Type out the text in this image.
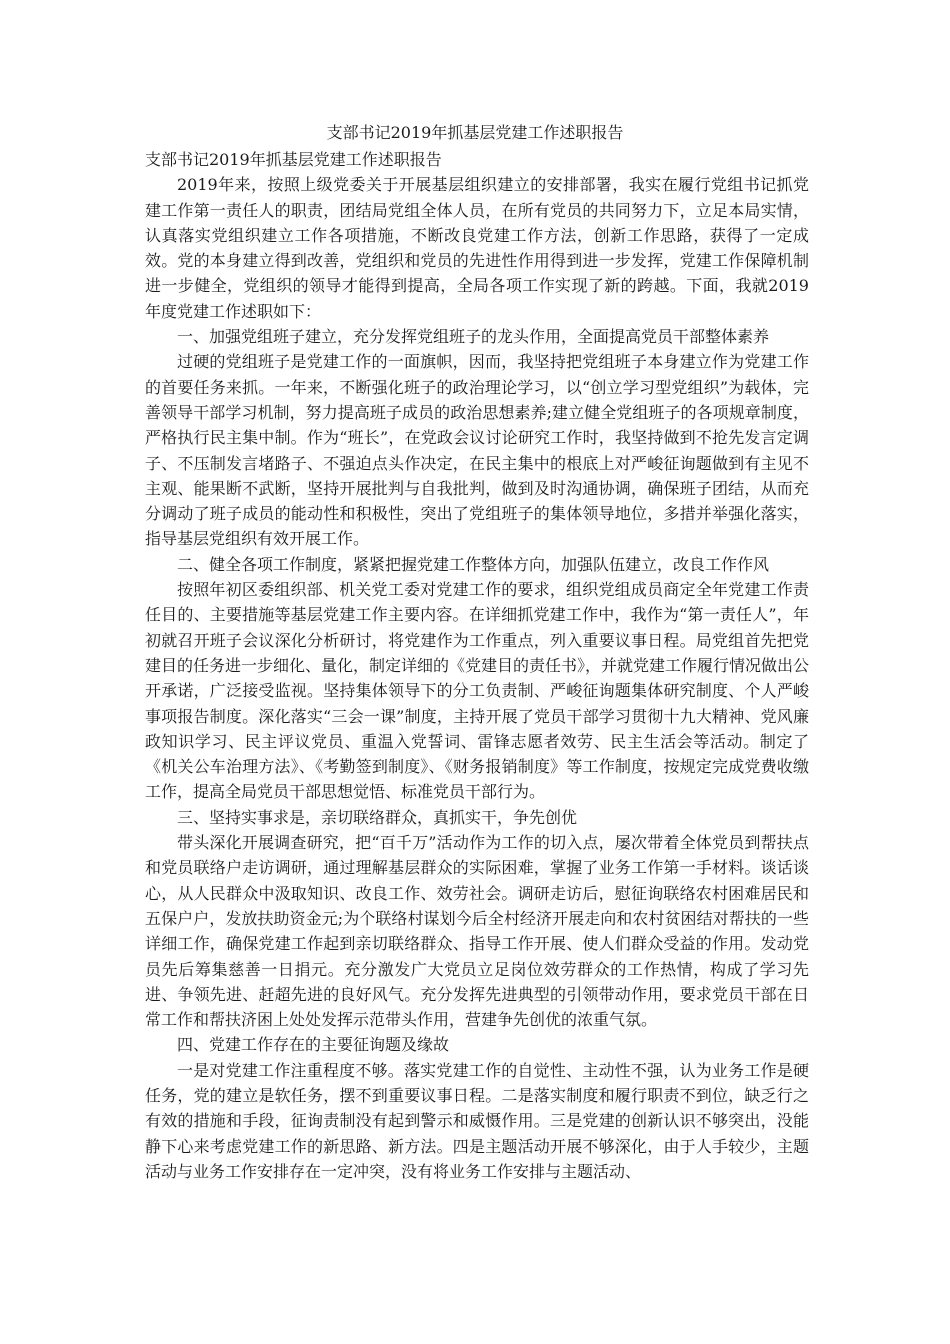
支部书记2019年抓基层党建工作述职报告

支部书记2019年抓基层党建工作述职报告

2019年来，按照上级党委关于开展基层组织建立的安排部署，我实在履行党组书记抓党建工作第一责任人的职责，团结局党组全体人员，在所有党员的共同努力下，立足本局实情，认真落实党组织建立工作各项措施，不断改良党建工作方法，创新工作思路，获得了一定成效。党的本身建立得到改善，党组织和党员的先进性作用得到进一步发挥，党建工作保障机制进一步健全，党组织的领导才能得到提高，全局各项工作实现了新的跨越。下面，我就2019年度党建工作述职如下：

一、加强党组班子建立，充分发挥党组班子的龙头作用，全面提高党员干部整体素养

过硬的党组班子是党建工作的一面旗帜，因而，我坚持把党组班子本身建立作为党建工作的首要任务来抓。一年来，不断强化班子的政治理论学习，以“创立学习型党组织”为载体，完善领导干部学习机制，努力提高班子成员的政治思想素养;建立健全党组班子的各项规章制度，严格执行民主集中制。作为“班长”，在党政会议讨论研究工作时，我坚持做到不抢先发言定调子、不压制发言堵路子、不强迫点头作决定，在民主集中的根底上对严峻征询题做到有主见不主观、能果断不武断，坚持开展批判与自我批判，做到及时沟通协调，确保班子团结，从而充分调动了班子成员的能动性和积极性，突出了党组班子的集体领导地位，多措并举强化落实，指导基层党组织有效开展工作。

二、健全各项工作制度，紧紧把握党建工作整体方向，加强队伍建立，改良工作作风

按照年初区委组织部、机关党工委对党建工作的要求，组织党组成员商定全年党建工作责任目的、主要措施等基层党建工作主要内容。在详细抓党建工作中，我作为“第一责任人”，年初就召开班子会议深化分析研讨，将党建作为工作重点，列入重要议事日程。局党组首先把党建目的任务进一步细化、量化，制定详细的《党建目的责任书》，并就党建工作履行情况做出公开承诺，广泛接受监视。坚持集体领导下的分工负责制、严峻征询题集体研究制度、个人严峻事项报告制度。深化落实“三会一课”制度，主持开展了党员干部学习贯彻十九大精神、党风廉政知识学习、民主评议党员、重温入党誓词、雷锋志愿者效劳、民主生活会等活动。制定了《机关公车治理方法》、《考勤签到制度》、《财务报销制度》等工作制度，按规定完成党费收缴工作，提高全局党员干部思想觉悟、标准党员干部行为。

三、坚持实事求是，亲切联络群众，真抓实干，争先创优

带头深化开展调查研究，把“百千万”活动作为工作的切入点，屡次带着全体党员到帮扶点和党员联络户走访调研，通过理解基层群众的实际困难，掌握了业务工作第一手材料。谈话谈心，从人民群众中汲取知识、改良工作、效劳社会。调研走访后，慰征询联络农村困难居民和五保户户，发放扶助资金元;为个联络村谋划今后全村经济开展走向和农村贫困结对帮扶的一些详细工作，确保党建工作起到亲切联络群众、指导工作开展、使人们群众受益的作用。发动党员先后筹集慈善一日捐元。充分激发广大党员立足岗位效劳群众的工作热情，构成了学习先进、争领先进、赶超先进的良好风气。充分发挥先进典型的引领带动作用，要求党员干部在日常工作和帮扶济困上处处发挥示范带头作用，营建争先创优的浓重气氛。

四、党建工作存在的主要征询题及缘故

一是对党建工作注重程度不够。落实党建工作的自觉性、主动性不强，认为业务工作是硬任务，党的建立是软任务，摆不到重要议事日程。二是落实制度和履行职责不到位，缺乏行之有效的措施和手段，征询责制没有起到警示和威慑作用。三是党建的创新认识不够突出，没能静下心来考虑党建工作的新思路、新方法。四是主题活动开展不够深化，由于人手较少，主题活动与业务工作安排存在一定冲突，没有将业务工作安排与主题活动、
